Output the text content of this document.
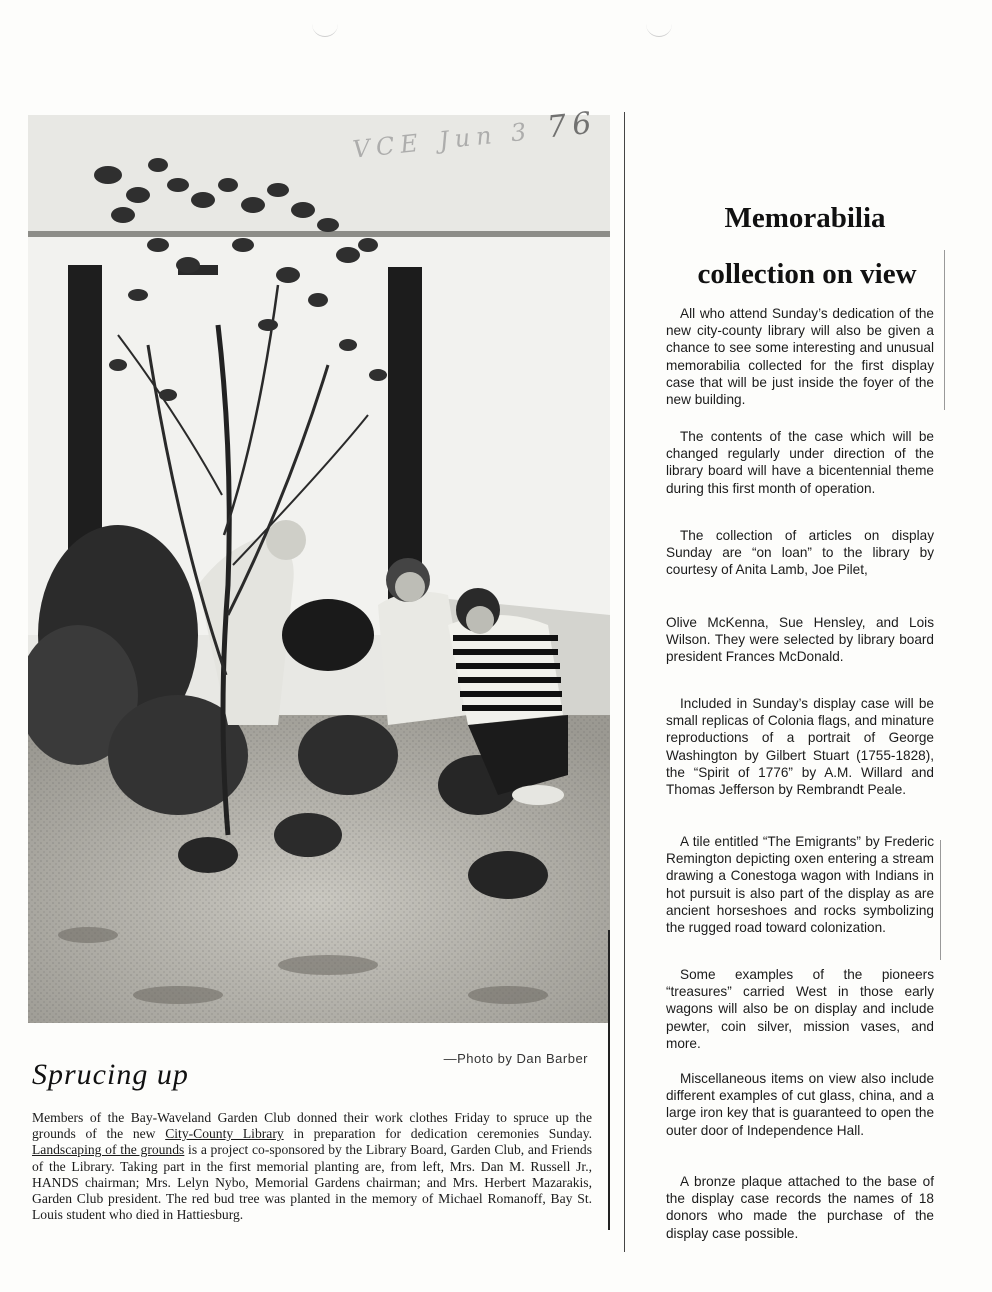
VCE Jun 3 76
—Photo by Dan Barber
Sprucing up
Members of the Bay-Waveland Garden Club donned their work clothes Friday to spruce up the grounds of the new City-County Library in preparation for dedication ceremonies Sunday. Landscaping of the grounds is a project co-sponsored by the Library Board, Garden Club, and Friends of the Library. Taking part in the first memorial planting are, from left, Mrs. Dan M. Russell Jr., HANDS chairman; Mrs. Lelyn Nybo, Memorial Gardens chairman; and Mrs. Herbert Mazarakis, Garden Club president. The red bud tree was planted in the memory of Michael Romanoff, Bay St. Louis student who died in Hattiesburg.
Memorabilia
collection on view

All who attend Sunday’s dedication of the new city-county library will also be given a chance to see some interesting and unusual memorabilia collected for the first display case that will be just inside the foyer of the new building.

The contents of the case which will be changed regularly under direction of the library board will have a bicentennial theme during this first month of operation.

The collection of articles on display Sunday are “on loan” to the library by courtesy of Anita Lamb, Joe Pilet,

Olive McKenna, Sue Hensley, and Lois Wilson. They were selected by library board president Frances McDonald.

Included in Sunday’s display case will be small replicas of Colonia flags, and minature reproductions of a portrait of George Washington by Gilbert Stuart (1755-1828), the “Spirit of 1776” by A.M. Willard and Thomas Jefferson by Rembrandt Peale.

A tile entitled “The Emigrants” by Frederic Remington depicting oxen entering a stream drawing a Conestoga wagon with Indians in hot pursuit is also part of the display as are ancient horseshoes and rocks symbolizing the rugged road toward colonization.

Some examples of the pioneers “treasures” carried West in those early wagons will also be on display and include pewter, coin silver, mission vases, and more.

Miscellaneous items on view also include different examples of cut glass, china, and a large iron key that is guaranteed to open the outer door of Independence Hall.

A bronze plaque attached to the base of the display case records the names of 18 donors who made the purchase of the display case possible.
